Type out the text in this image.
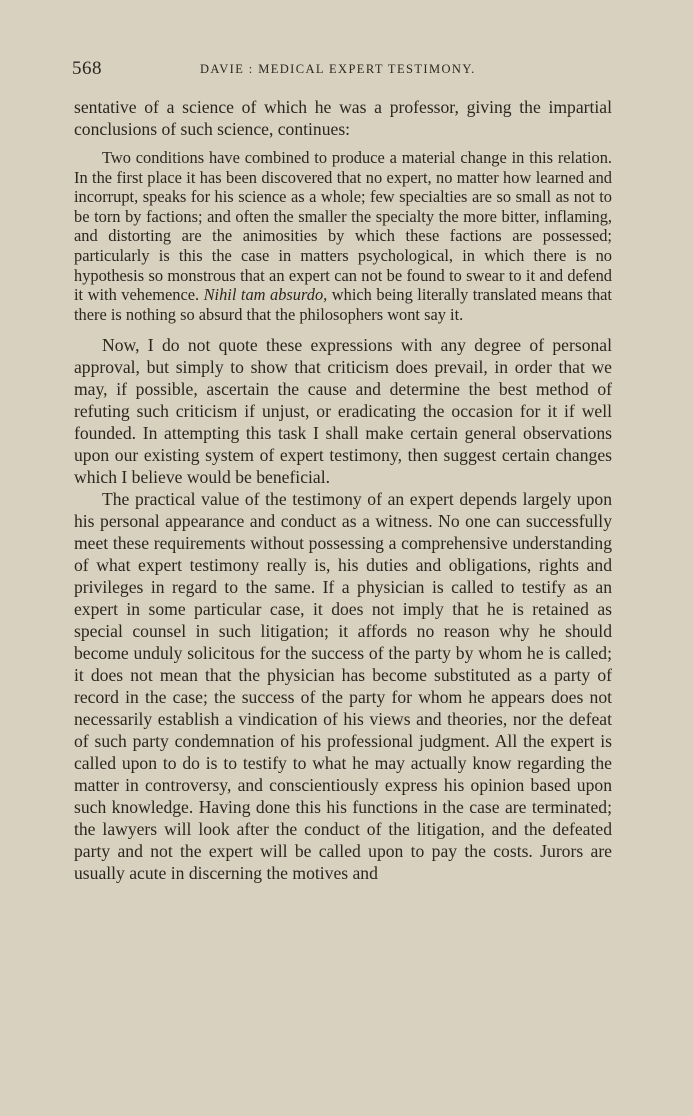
568	DAVIE : MEDICAL EXPERT TESTIMONY.

sentative of a science of which he was a professor, giving the impartial conclusions of such science, continues:

Two conditions have combined to produce a material change in this relation. In the first place it has been discovered that no expert, no matter how learned and incorrupt, speaks for his science as a whole; few specialties are so small as not to be torn by factions; and often the smaller the specialty the more bitter, inflaming, and distorting are the animosities by which these factions are possessed; particularly is this the case in matters psychological, in which there is no hypothesis so monstrous that an expert can not be found to swear to it and defend it with vehemence. Nihil tam absurdo, which being literally translated means that there is nothing so absurd that the philosophers wont say it.

Now, I do not quote these expressions with any degree of personal approval, but simply to show that criticism does prevail, in order that we may, if possible, ascertain the cause and determine the best method of refuting such criticism if unjust, or eradicating the occasion for it if well founded. In attempting this task I shall make certain general observations upon our existing system of expert testimony, then suggest certain changes which I believe would be beneficial.

The practical value of the testimony of an expert depends largely upon his personal appearance and conduct as a witness. No one can successfully meet these requirements without possessing a comprehensive understanding of what expert testimony really is, his duties and obligations, rights and privileges in regard to the same. If a physician is called to testify as an expert in some particular case, it does not imply that he is retained as special counsel in such litigation; it affords no reason why he should become unduly solicitous for the success of the party by whom he is called; it does not mean that the physician has become substituted as a party of record in the case; the success of the party for whom he appears does not necessarily establish a vindication of his views and theories, nor the defeat of such party condemnation of his professional judgment. All the expert is called upon to do is to testify to what he may actually know regarding the matter in controversy, and conscientiously express his opinion based upon such knowledge. Having done this his functions in the case are terminated; the lawyers will look after the conduct of the litigation, and the defeated party and not the expert will be called upon to pay the costs. Jurors are usually acute in discerning the motives and
